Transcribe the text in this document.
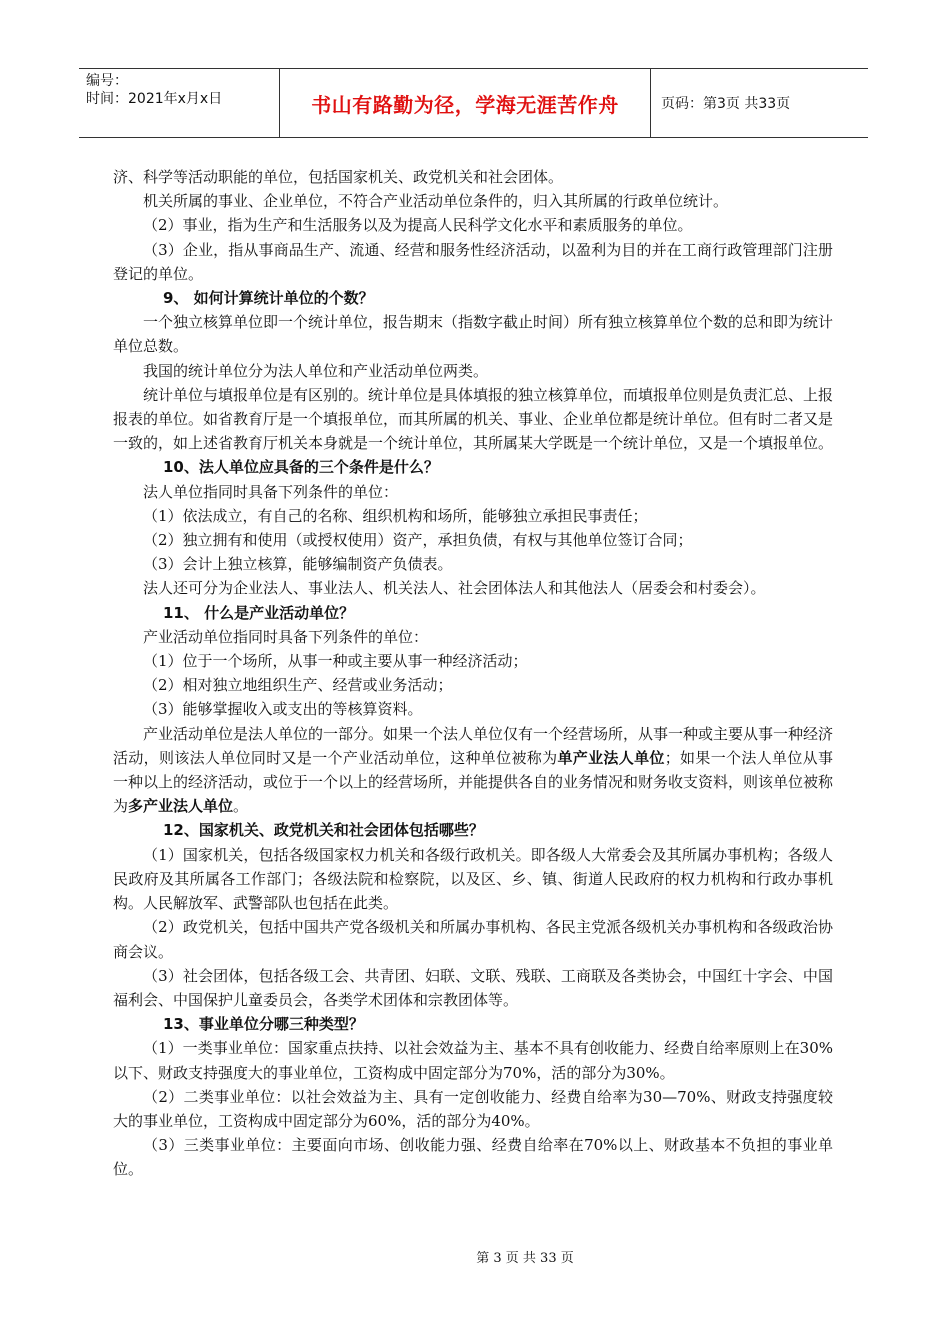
编号：
时间：2021年x月x日	书山有路勤为径，学海无涯苦作舟	页码：第3页 共33页

济、科学等活动职能的单位，包括国家机关、政党机关和社会团体。

机关所属的事业、企业单位，不符合产业活动单位条件的，归入其所属的行政单位统计。

（2）事业，指为生产和生活服务以及为提高人民科学文化水平和素质服务的单位。

（3）企业，指从事商品生产、流通、经营和服务性经济活动，以盈利为目的并在工商行政管理部门注册登记的单位。

9、 如何计算统计单位的个数？

一个独立核算单位即一个统计单位，报告期末（指数字截止时间）所有独立核算单位个数的总和即为统计单位总数。

我国的统计单位分为法人单位和产业活动单位两类。

统计单位与填报单位是有区别的。统计单位是具体填报的独立核算单位，而填报单位则是负责汇总、上报报表的单位。如省教育厅是一个填报单位，而其所属的机关、事业、企业单位都是统计单位。但有时二者又是一致的，如上述省教育厅机关本身就是一个统计单位，其所属某大学既是一个统计单位，又是一个填报单位。

10、法人单位应具备的三个条件是什么？

法人单位指同时具备下列条件的单位：

（1）依法成立，有自己的名称、组织机构和场所，能够独立承担民事责任；

（2）独立拥有和使用（或授权使用）资产，承担负债，有权与其他单位签订合同；

（3）会计上独立核算，能够编制资产负债表。

法人还可分为企业法人、事业法人、机关法人、社会团体法人和其他法人（居委会和村委会）。

11、 什么是产业活动单位？

产业活动单位指同时具备下列条件的单位：

（1）位于一个场所，从事一种或主要从事一种经济活动；

（2）相对独立地组织生产、经营或业务活动；

（3）能够掌握收入或支出的等核算资料。

产业活动单位是法人单位的一部分。如果一个法人单位仅有一个经营场所，从事一种或主要从事一种经济活动，则该法人单位同时又是一个产业活动单位，这种单位被称为单产业法人单位；如果一个法人单位从事一种以上的经济活动，或位于一个以上的经营场所，并能提供各自的业务情况和财务收支资料，则该单位被称为多产业法人单位。

12、国家机关、政党机关和社会团体包括哪些？

（1）国家机关，包括各级国家权力机关和各级行政机关。即各级人大常委会及其所属办事机构；各级人民政府及其所属各工作部门；各级法院和检察院，以及区、乡、镇、街道人民政府的权力机构和行政办事机构。人民解放军、武警部队也包括在此类。

（2）政党机关，包括中国共产党各级机关和所属办事机构、各民主党派各级机关办事机构和各级政治协商会议。

（3）社会团体，包括各级工会、共青团、妇联、文联、残联、工商联及各类协会，中国红十字会、中国福利会、中国保护儿童委员会，各类学术团体和宗教团体等。

13、事业单位分哪三种类型？

（1）一类事业单位：国家重点扶持、以社会效益为主、基本不具有创收能力、经费自给率原则上在30%以下、财政支持强度大的事业单位，工资构成中固定部分为70%，活的部分为30%。

（2）二类事业单位：以社会效益为主、具有一定创收能力、经费自给率为30—70%、财政支持强度较大的事业单位，工资构成中固定部分为60%，活的部分为40%。

（3）三类事业单位：主要面向市场、创收能力强、经费自给率在70%以上、财政基本不负担的事业单位。

第 3 页 共 33 页
